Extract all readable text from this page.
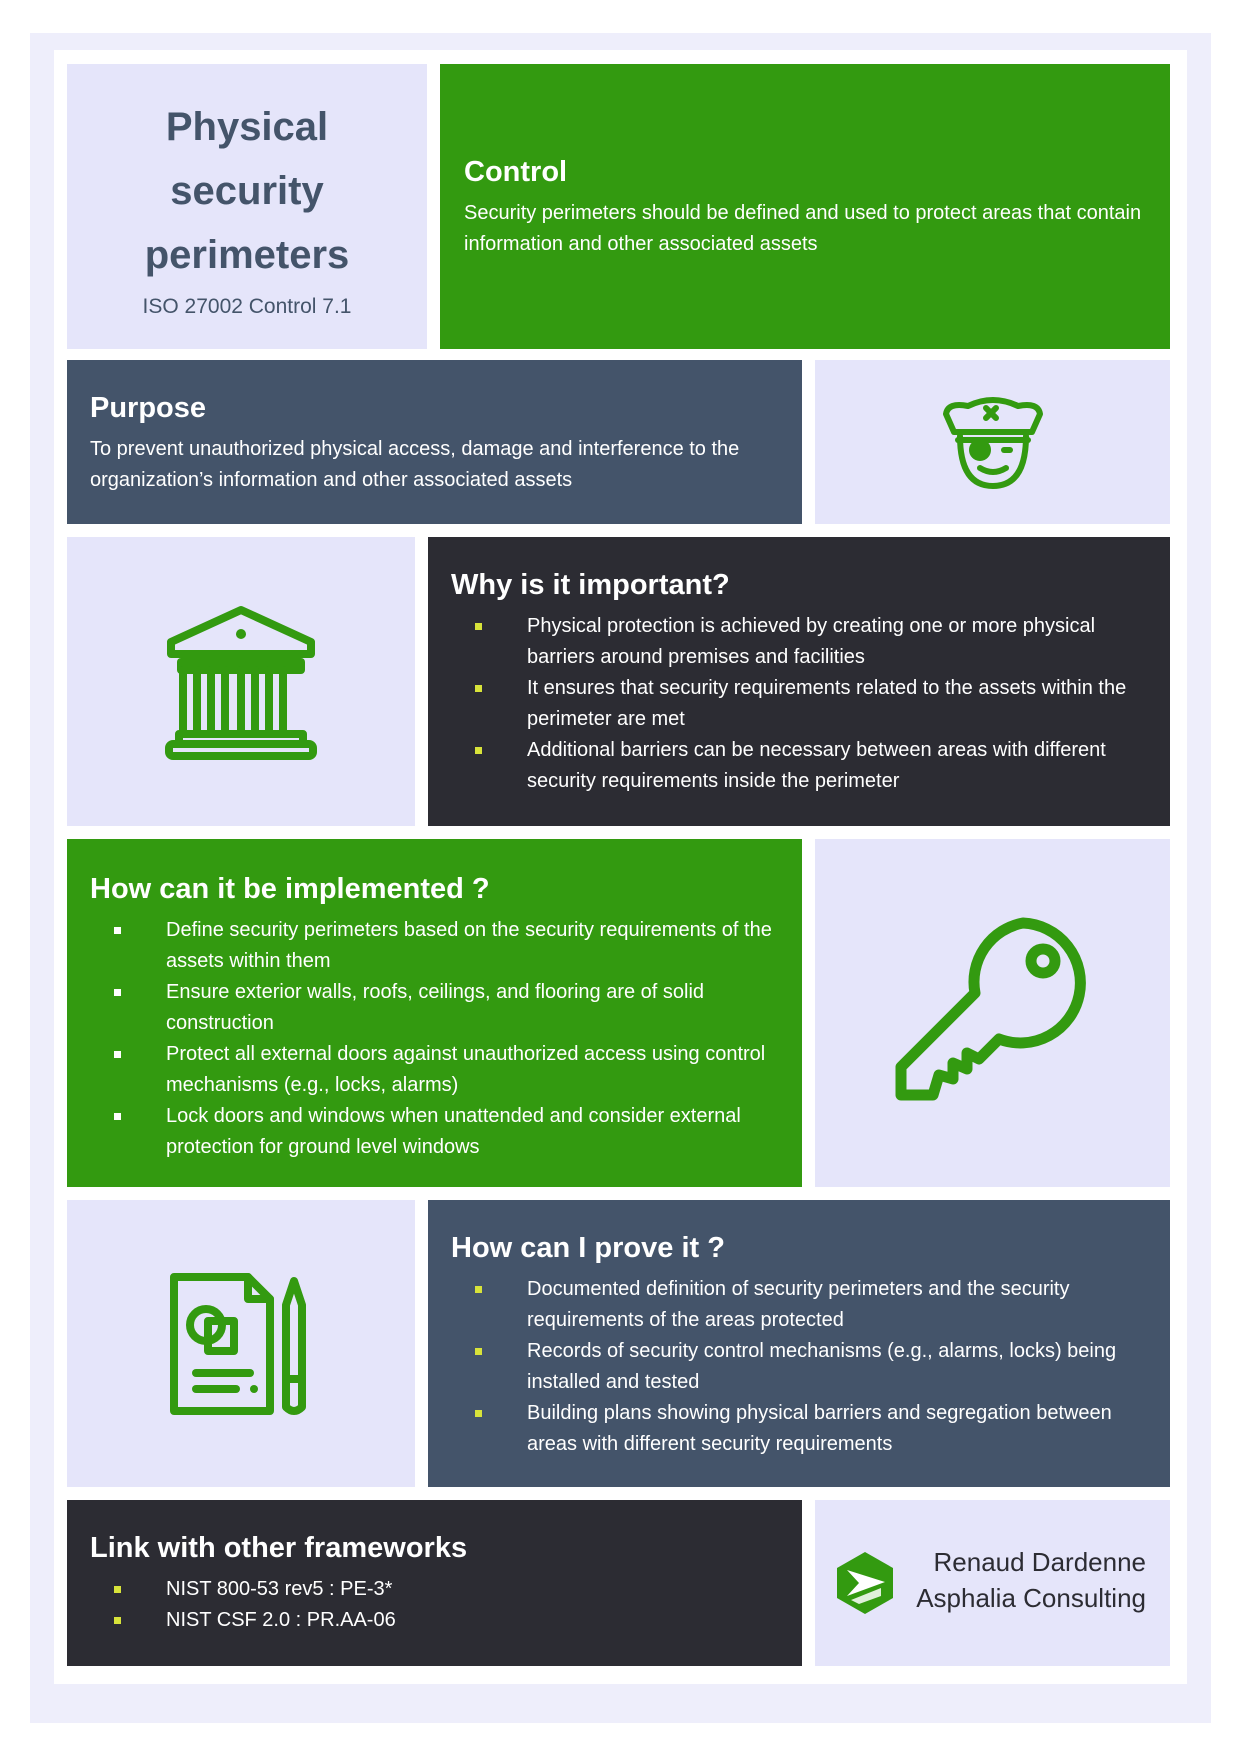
Physical
security
perimeters
ISO 27002 Control 7.1
Control

Security perimeters should be defined and used to protect areas that contain information and other associated assets

Purpose

To prevent unauthorized physical access, damage and interference to the organization’s information and other associated assets

Why is it important?
Physical protection is achieved by creating one or more physical barriers around premises and facilities
It ensures that security requirements related to the assets within the perimeter are met
Additional barriers can be necessary between areas with different security requirements inside the perimeter
How can it be implemented ?
Define security perimeters based on the security requirements of the assets within them
Ensure exterior walls, roofs, ceilings, and flooring are of solid construction
Protect all external doors against unauthorized access using control mechanisms (e.g., locks, alarms)
Lock doors and windows when unattended and consider external protection for ground level windows
How can I prove it ?
Documented definition of security perimeters and the security requirements of the areas protected
Records of security control mechanisms (e.g., alarms, locks) being installed and tested
Building plans showing physical barriers and segregation between areas with different security requirements
Link with other frameworks
NIST 800-53 rev5 : PE-3*
NIST CSF 2.0 : PR.AA-06
Renaud Dardenne
Asphalia Consulting
